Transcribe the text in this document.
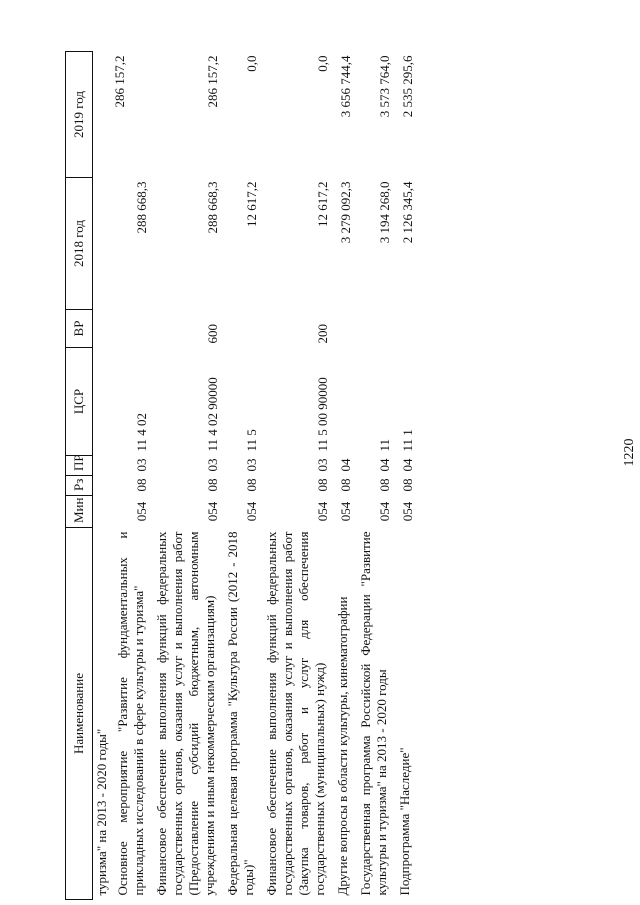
1220
Наименование	Мин	Рз	ПР	ЦСР	ВР	2018 год	2019 год
туризма" на 2013 - 2020 годы"							
Основное мероприятие "Развитие фундаментальных и прикладных исследований в сфере культуры и туризма"	054	08	03	11 4 02		288 668,3	286 157,2
Финансовое обеспечение выполнения функций федеральных государственных органов, оказания услуг и выполнения работ (Предоставление субсидий бюджетным, автономным учреждениям и иным некоммерческим организациям)	054	08	03	11 4 02 90000	600	288 668,3	286 157,2
Федеральная целевая программа "Культура России (2012 - 2018 годы)"	054	08	03	11 5		12 617,2	0,0
Финансовое обеспечение выполнения функций федеральных государственных органов, оказания услуг и выполнения работ (Закупка товаров, работ и услуг для обеспечения государственных (муниципальных) нужд)	054	08	03	11 5 00 90000	200	12 617,2	0,0
Другие вопросы в области культуры, кинематографии	054	08	04			3 279 092,3	3 656 744,4
Государственная программа Российской Федерации "Развитие культуры и туризма" на 2013 - 2020 годы	054	08	04	11		3 194 268,0	3 573 764,0
Подпрограмма "Наследие"	054	08	04	11 1		2 126 345,4	2 535 295,6
